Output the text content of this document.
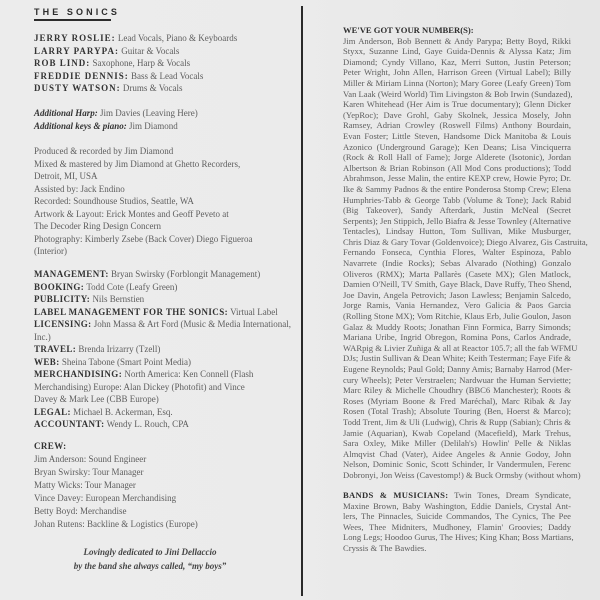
THE SONICS
JERRY ROSLIE: Lead Vocals, Piano & Keyboards
LARRY PARYPA: Guitar & Vocals
ROB LIND: Saxophone, Harp & Vocals
FREDDIE DENNIS: Bass & Lead Vocals
DUSTY WATSON: Drums & Vocals
Additional Harp: Jim Davies (Leaving Here)
Additional keys & piano: Jim Diamond
Produced & recorded by Jim Diamond
Mixed & mastered by Jim Diamond at Ghetto Recorders,
Detroit, MI, USA
Assisted by: Jack Endino
Recorded: Soundhouse Studios, Seattle, WA
Artwork & Layout: Erick Montes and Geoff Peveto at
The Decoder Ring Design Concern
Photography: Kimberly Zsebe (Back Cover) Diego Figueroa
(Interior)
MANAGEMENT: Bryan Swirsky (Forblongit Management)
BOOKING: Todd Cote (Leafy Green)
PUBLICITY: Nils Bernstien
LABEL MANAGEMENT FOR THE SONICS: Virtual Label
LICENSING: John Massa & Art Ford (Music & Media International,
Inc.)
TRAVEL: Brenda Irizarry (Tzell)
WEB: Sheina Tabone (Smart Point Media)
MERCHANDISING: North America: Ken Connell (Flash
Merchandising) Europe: Alan Dickey (Photofit) and Vince
Davey & Mark Lee (CBB Europe)
LEGAL: Michael B. Ackerman, Esq.
ACCOUNTANT: Wendy L. Rouch, CPA
CREW:
Jim Anderson: Sound Engineer
Bryan Swirsky: Tour Manager
Matty Wicks: Tour Manager
Vince Davey: European Merchandising
Betty Boyd: Merchandise
Johan Rutens: Backline & Logistics (Europe)
Lovingly dedicated to Jini Dellaccio
by the band she always called, “my boys”
WE'VE GOT YOUR NUMBER(S):
Jim Anderson, Bob Bennett & Andy Parypa; Betty Boyd, Rikki
Styxx, Suzanne Lind, Gaye Guida-Dennis & Alyssa Katz; Jim
Diamond; Cyndy Villano, Kaz, Merri Sutton, Justin Peterson;
Peter Wright, John Allen, Harrison Green (Virtual Label); Billy
Miller & Miriam Linna (Norton); Mary Goree (Leafy Green) Tom
Van Laak (Weird World) Tim Livingston & Bob Irwin (Sundazed),
Karen Whitehead (Her Aim is True documentary); Glenn Dicker
(YepRoc); Dave Grohl, Gaby Skolnek, Jessica Mosely, John
Ramsey, Adrian Crowley (Roswell Films) Anthony Bourdain,
Evan Foster; Little Steven, Handsome Dick Manitoba & Louis
Azonico (Underground Garage); Ken Deans; Lisa Vinciquerra
(Rock & Roll Hall of Fame); Jorge Alderete (Isotonic), Jordan
Albertson & Brian Robinson (All Mod Cons productions); Todd
Abrahmson, Jesse Malin, the entire KEXP crew, Howie Pyro; Dr.
Ike & Sammy Padnos & the entire Ponderosa Stomp Crew; Elena
Humphries-Tabb & George Tabb (Volume & Tone); Jack Rabid
(Big Takeover), Sandy Afterdark, Justin McNeal (Secret
Serpents); Jen Stippich, Jello Biafra & Jesse Townley (Alternative
Tentacles), Lindsay Hutton, Tom Sullivan, Mike Musburger,
Chris Diaz & Gary Tovar (Goldenvoice); Diego Alvarez, Gis Castruita,
Fernando Fonseca, Cynthia Flores, Walter Espinoza, Pablo
Navarrete (Indie Rocks); Sebas Alvarado (Nothing) Gonzalo
Oliveros (RMX); Marta Pallarès (Casete MX); Glen Matlock,
Damien O'Neill, TV Smith, Gaye Black, Dave Ruffy, Theo Shend,
Joe Davin, Angela Petrovich; Jason Lawless; Benjamin Salcedo,
Jorge Ramis, Vania Hernandez, Vero Galicia & Paos Garcia
(Rolling Stone MX); Vom Ritchie, Klaus Erb, Julie Goulon, Jason
Galaz & Muddy Roots; Jonathan Finn Formica, Barry Simonds;
Mariana Uribe, Ingrid Obregon, Romina Pons, Carlos Andrade,
WARpig & Livier Zuñiga & all at Reactor 105.7; all the fab WFMU
DJs; Justin Sullivan & Dean White; Keith Testerman; Faye Fife &
Eugene Reynolds; Paul Gold; Danny Amis; Barnaby Harrod (Mer-
cury Wheels); Peter Verstraelen; Nardwuar the Human Serviette;
Marc Riley & Michelle Choudhry (BBC6 Manchester); Roots &
Roses (Myriam Boone & Fred Maréchal), Marc Ribak & Jay
Rosen (Total Trash); Absolute Touring (Ben, Hoerst & Marco);
Todd Trent, Jim & Uli (Ludwig), Chris & Rupp (Sabian); Chris &
Jamie (Aquarian), Kwab Copeland (Macefield), Mark Trehus,
Sara Oxley, Mike Miller (Delilah's) Howlin' Pelle & Niklas
Almqvist Chad (Vater), Aidee Angeles & Annie Godoy, John
Nelson, Dominic Sonic, Scott Schinder, Ir Vandermulen, Ferenc
Dobronyi, Jon Weiss (Cavestomp!) & Buck Ormsby (without whom)
BANDS & MUSICIANS: Twin Tones, Dream Syndicate,
Maxine Brown, Baby Washington, Eddie Daniels, Crystal Ant-
lers, The Pinnacles, Suicide Commandos, The Cynics, The Pee
Wees, Thee Midniters, Mudhoney, Flamin' Groovies; Daddy
Long Legs; Hoodoo Gurus, The Hives; King Khan; Boss Martians,
Cryssis & The Bawdies.
